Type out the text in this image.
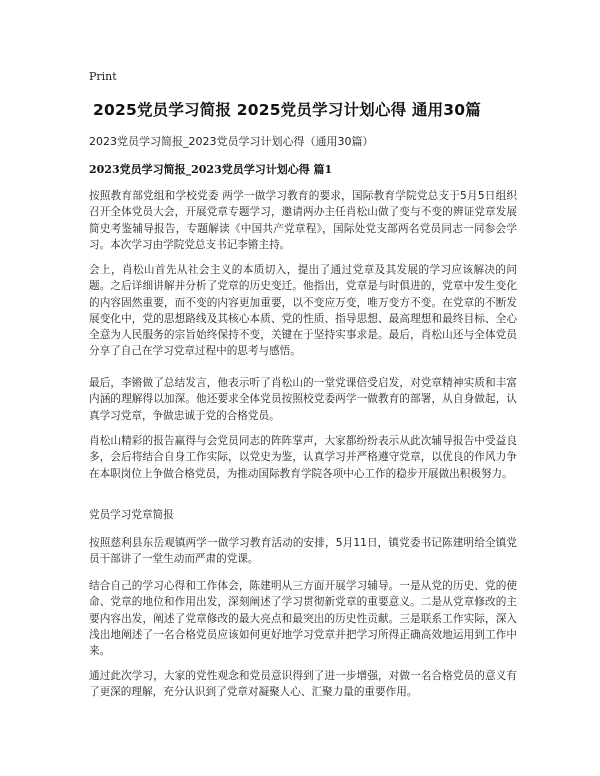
Print
2025党员学习简报 2025党员学习计划心得 通用30篇
2023党员学习简报_2023党员学习计划心得（通用30篇）
2023党员学习简报_2023党员学习计划心得 篇1
按照教育部党组和学校党委 两学一做学习教育的要求，国际教育学院党总支于5月5日组织召开全体党员大会，开展党章专题学习，邀请两办主任肖松山做了变与不变的辨证党章发展简史考鉴辅导报告，专题解读《中国共产党章程》，国际处党支部两名党员同志一同参会学习。本次学习由学院党总支书记李锵主持。
会上，肖松山首先从社会主义的本质切入，提出了通过党章及其发展的学习应该解决的问题。之后详细讲解并分析了党章的历史变迁。他指出，党章是与时俱进的，党章中发生变化的内容固然重要，而不变的内容更加重要，以不变应万变，唯万变方不变。在党章的不断发展变化中，党的思想路线及其核心本质、党的性质、指导思想、最高理想和最终目标、全心全意为人民服务的宗旨始终保持不变，关键在于坚持实事求是。最后，肖松山还与全体党员分享了自己在学习党章过程中的思考与感悟。
最后，李锵做了总结发言，他表示听了肖松山的一堂党课倍受启发，对党章精神实质和丰富内涵的理解得以加深。他还要求全体党员按照校党委两学一做教育的部署，从自身做起，认真学习党章，争做忠诚于党的合格党员。
肖松山精彩的报告赢得与会党员同志的阵阵掌声，大家都纷纷表示从此次辅导报告中受益良多，会后将结合自身工作实际，以党史为鉴，认真学习并严格遵守党章，以优良的作风力争在本职岗位上争做合格党员，为推动国际教育学院各项中心工作的稳步开展做出积极努力。
党员学习党章简报
按照慈利县东岳观镇两学一做学习教育活动的安排，5月11日，镇党委书记陈建明给全镇党员干部讲了一堂生动而严肃的党课。
结合自己的学习心得和工作体会，陈建明从三方面开展学习辅导。一是从党的历史、党的使命、党章的地位和作用出发，深刻阐述了学习贯彻新党章的重要意义。二是从党章修改的主要内容出发，阐述了党章修改的最大亮点和最突出的历史性贡献。三是联系工作实际，深入浅出地阐述了一名合格党员应该如何更好地学习党章并把学习所得正确高效地运用到工作中来。
通过此次学习，大家的党性观念和党员意识得到了进一步增强，对做一名合格党员的意义有了更深的理解，充分认识到了党章对凝聚人心、汇聚力量的重要作用。
